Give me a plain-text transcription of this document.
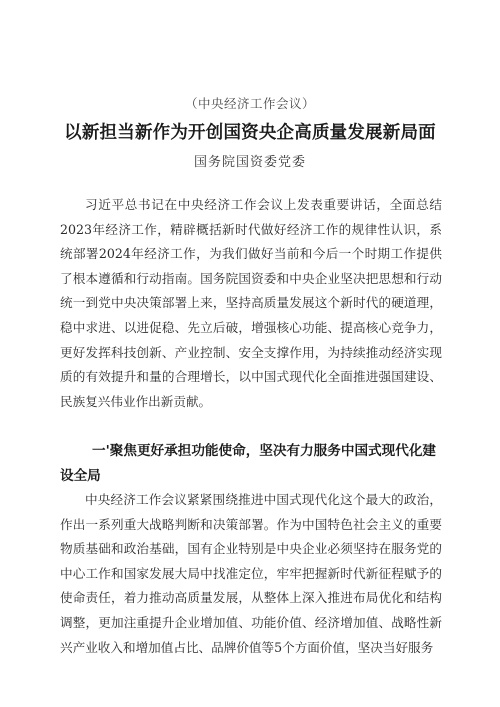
（中央经济工作会议）
以新担当新作为开创国资央企高质量发展新局面
国务院国资委党委

习近平总书记在中央经济工作会议上发表重要讲话，全面总结2023年经济工作，精辟概括新时代做好经济工作的规律性认识，系统部署2024年经济工作，为我们做好当前和今后一个时期工作提供了根本遵循和行动指南。国务院国资委和中央企业坚决把思想和行动统一到党中央决策部署上来，坚持高质量发展这个新时代的硬道理，稳中求进、以进促稳、先立后破，增强核心功能、提高核心竞争力，更好发挥科技创新、产业控制、安全支撑作用，为持续推动经济实现质的有效提升和量的合理增长，以中国式现代化全面推进强国建设、民族复兴伟业作出新贡献。

一'聚焦更好承担功能使命，坚决有力服务中国式现代化建设全局

中央经济工作会议紧紧围绕推进中国式现代化这个最大的政治，作出一系列重大战略判断和决策部署。作为中国特色社会主义的重要物质基础和政治基础，国有企业特别是中央企业必须坚持在服务党的中心工作和国家发展大局中找准定位，牢牢把握新时代新征程赋予的使命责任，着力推动高质量发展，从整体上深入推进布局优化和结构调整，更加注重提升企业增加值、功能价值、经济增加值、战略性新兴产业收入和增加值占比、品牌价值等5个方面价值，坚决当好服务
